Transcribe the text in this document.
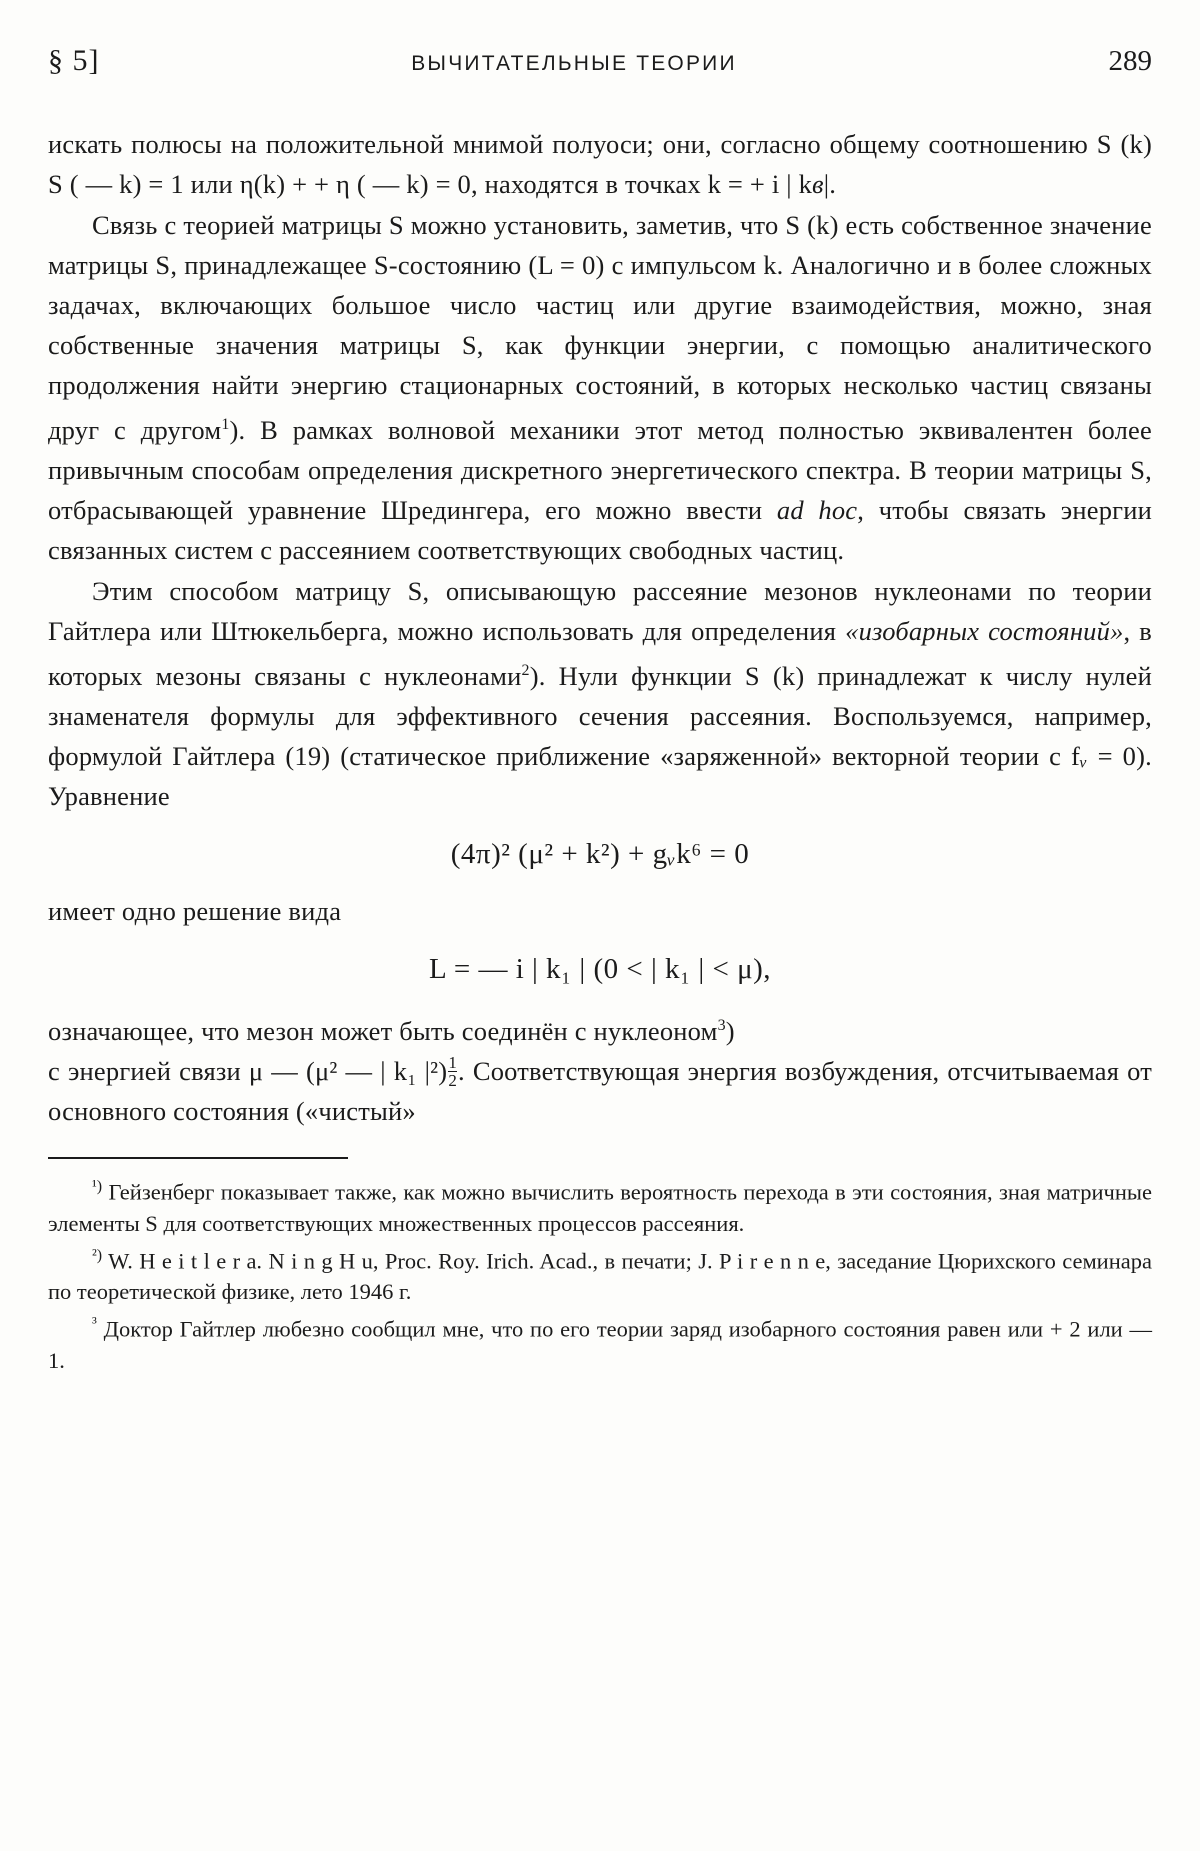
§ 5]	ВЫЧИТАТЕЛЬНЫЕ ТЕОРИИ	289

искать полюсы на положительной мнимой полуоси; они, согласно общему соотношению S (k) S ( — k) = 1 или η(k) + + η ( — k) = 0, находятся в точках k = + i | kв|.

Связь с теорией матрицы S можно установить, заметив, что S (k) есть собственное значение матрицы S, принадлежащее S-состоянию (L = 0) с импульсом k. Аналогично и в более сложных задачах, включающих большое число частиц или другие взаимодействия, можно, зная собственные значения матрицы S, как функции энергии, с помощью аналитического продолжения найти энергию стационарных состояний, в которых несколько частиц связаны друг с другом$^1$). В рамках волновой механики этот метод полностью эквивалентен более привычным способам определения дискретного энергетического спектра. В теории матрицы S, отбрасывающей уравнение Шредингера, его можно ввести ad hoc, чтобы связать энергии связанных систем с рассеянием соответствующих свободных частиц.

Этим способом матрицу S, описывающую рассеяние мезонов нуклеонами по теории Гайтлера или Штюкельберга, можно использовать для определения «изобарных состояний», в которых мезоны связаны с нуклеонами$^2$). Нули функции S (k) принадлежат к числу нулей знаменателя формулы для эффективного сечения рассеяния. Воспользуемся, например, формулой Гайтлера (19) (статическое приближение «заряженной» векторной теории с fᵥ = 0). Уравнение

(4π)² (μ² + k²) + gᵥk⁶ = 0

имеет одно решение вида

L = — i | k₁ | (0 < | k₁ | < μ),

означающее, что мезон может быть соединён с нуклеоном$^3$)

с энергией связи μ — (μ² — | k₁ $|^2) \frac{1}{2}$ . Соответствующая энергия возбуждения, отсчитываемая от основного состояния («чистый»

$^{^1)}$ Гейзенберг показывает также, как можно вычислить вероятность перехода в эти состояния, зная матричные элементы S для соответствующих множественных процессов рассеяния.

$^{^2)}$ W. H e i t l e r a. N i n g H u, Proc. Roy. Irich. Acad., в печати; J. P i r e n n e, заседание Цюрихского семинара по теоретической физике, лето 1946 г.

$^{^3}$ Доктор Гайтлер любезно сообщил мне, что по его теории заряд изобарного состояния равен или + 2 или — 1.
